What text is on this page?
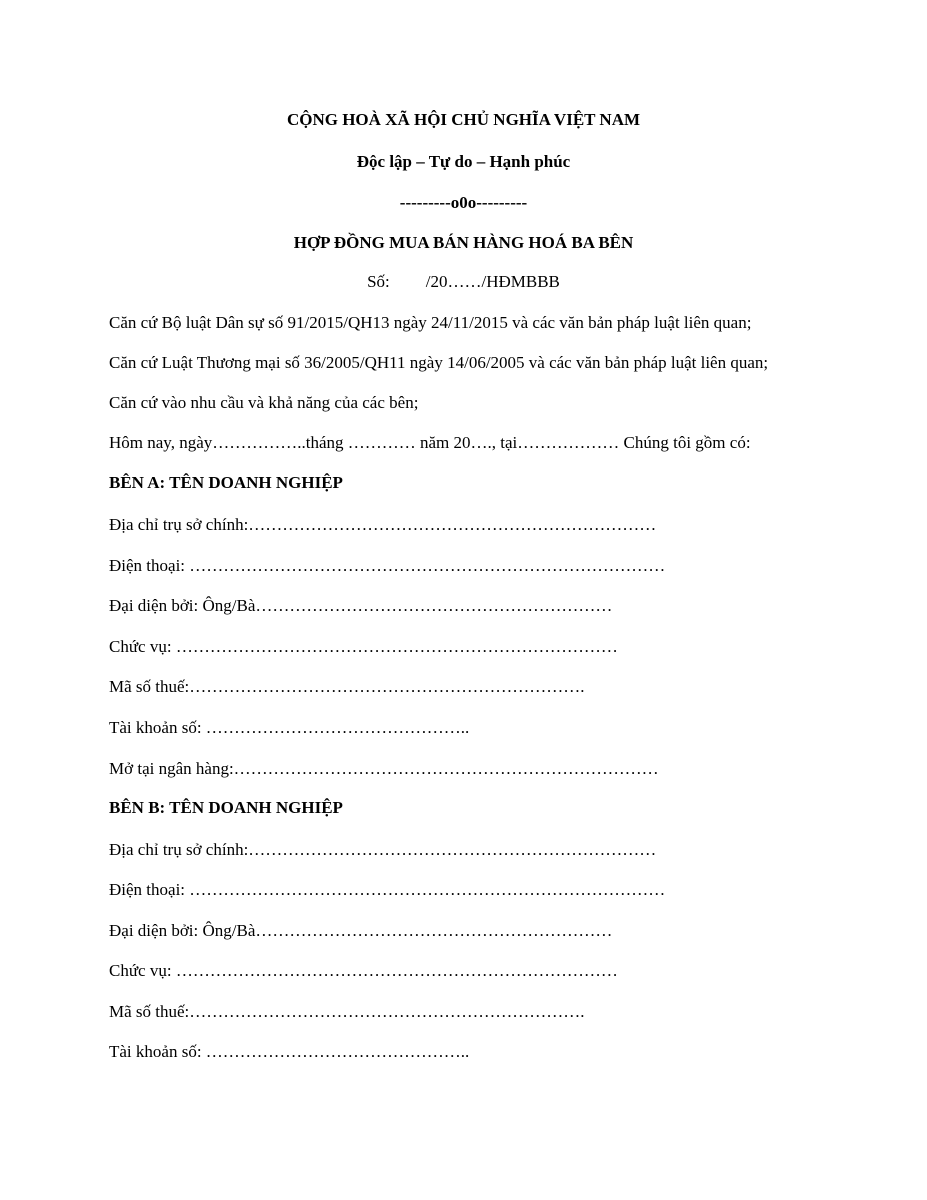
CỘNG HOÀ XÃ HỘI CHỦ NGHĨA VIỆT NAM
Độc lập – Tự do – Hạnh phúc
---------o0o---------
HỢP ĐỒNG MUA BÁN HÀNG HOÁ BA BÊN
Số: /20……/HĐMBBB
Căn cứ Bộ luật Dân sự số 91/2015/QH13 ngày 24/11/2015 và các văn bản pháp luật liên quan;
Căn cứ Luật Thương mại số 36/2005/QH11 ngày 14/06/2005 và các văn bản pháp luật liên quan;
Căn cứ vào nhu cầu và khả năng của các bên;
Hôm nay, ngày……………..tháng ………… năm 20…., tại……………… Chúng tôi gồm có:
BÊN A: TÊN DOANH NGHIỆP
Địa chỉ trụ sở chính:………………………………………………………………
Điện thoại: …………………………………………………………………………
Đại diện bởi: Ông/Bà………………………………………………………
Chức vụ: ……………………………………………………………………
Mã số thuế:…………………………………………………………….
Tài khoản số: ………………………………………..
Mở tại ngân hàng:…………………………………………………………………
BÊN B: TÊN DOANH NGHIỆP
Địa chỉ trụ sở chính:………………………………………………………………
Điện thoại: …………………………………………………………………………
Đại diện bởi: Ông/Bà………………………………………………………
Chức vụ: ……………………………………………………………………
Mã số thuế:…………………………………………………………….
Tài khoản số: ………………………………………..
